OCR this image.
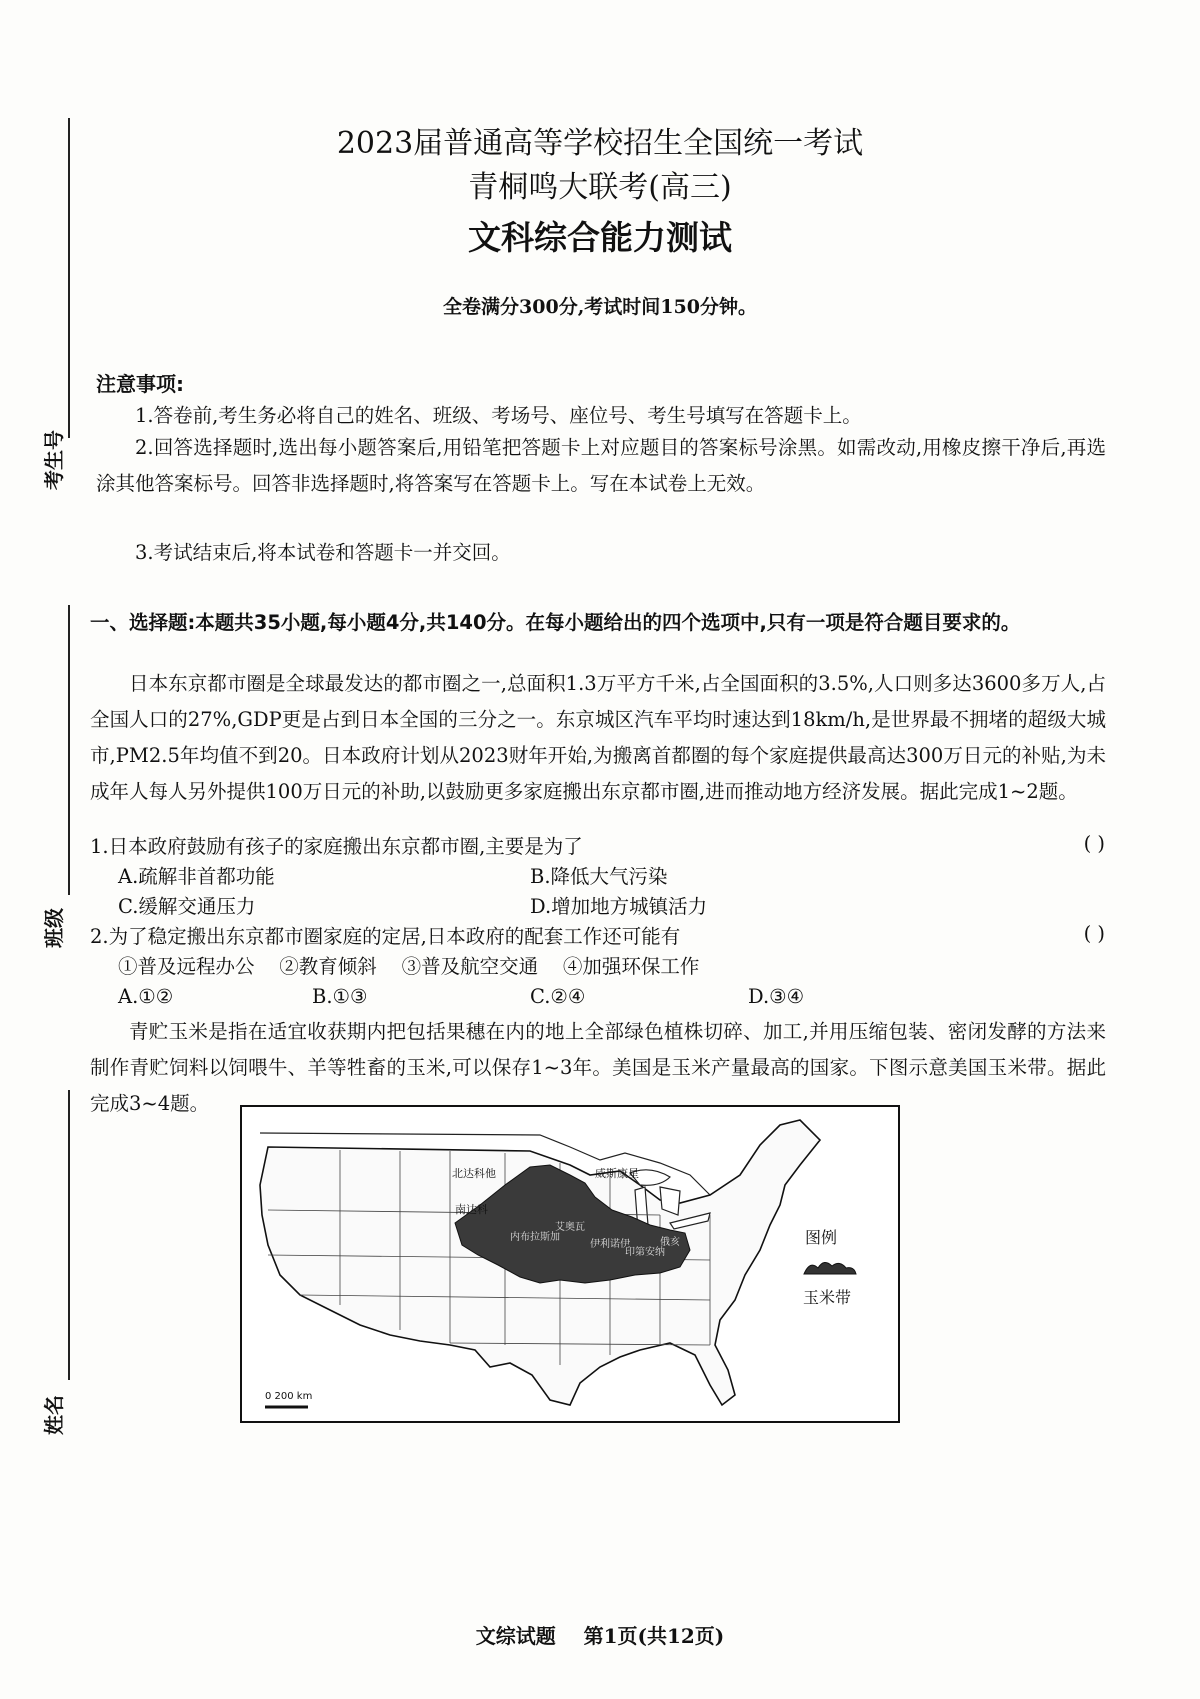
考生号
班级
姓名
2023届普通高等学校招生全国统一考试
青桐鸣大联考(高三)
文科综合能力测试
全卷满分300分,考试时间150分钟。
注意事项:
1.答卷前,考生务必将自己的姓名、班级、考场号、座位号、考生号填写在答题卡上。
2.回答选择题时,选出每小题答案后,用铅笔把答题卡上对应题目的答案标号涂黑。如需改动,用橡皮擦干净后,再选涂其他答案标号。回答非选择题时,将答案写在答题卡上。写在本试卷上无效。
3.考试结束后,将本试卷和答题卡一并交回。
一、选择题:本题共35小题,每小题4分,共140分。在每小题给出的四个选项中,只有一项是符合题目要求的。
日本东京都市圈是全球最发达的都市圈之一,总面积1.3万平方千米,占全国面积的3.5%,人口则多达3600多万人,占全国人口的27%,GDP更是占到日本全国的三分之一。东京城区汽车平均时速达到18km/h,是世界最不拥堵的超级大城市,PM2.5年均值不到20。日本政府计划从2023财年开始,为搬离首都圈的每个家庭提供最高达300万日元的补贴,为未成年人每人另外提供100万日元的补助,以鼓励更多家庭搬出东京都市圈,进而推动地方经济发展。据此完成1~2题。
1.日本政府鼓励有孩子的家庭搬出东京都市圈,主要是为了	( )
A.疏解非首都功能	B.降低大气污染
C.缓解交通压力	D.增加地方城镇活力
2.为了稳定搬出东京都市圈家庭的定居,日本政府的配套工作还可能有	( )
①普及远程办公    ②教育倾斜    ③普及航空交通    ④加强环保工作
A.①②	B.①③	C.②④	D.③④
青贮玉米是指在适宜收获期内把包括果穗在内的地上全部绿色植株切碎、加工,并用压缩包装、密闭发酵的方法来制作青贮饲料以饲喂牛、羊等牲畜的玉米,可以保存1~3年。美国是玉米产量最高的国家。下图示意美国玉米带。据此完成3~4题。
北达科他
南达科
威斯康星
内布拉斯加
艾奥瓦
伊利诺伊
印第安纳
俄亥
0 200 km
图例
玉米带
文综试题    第1页(共12页)
